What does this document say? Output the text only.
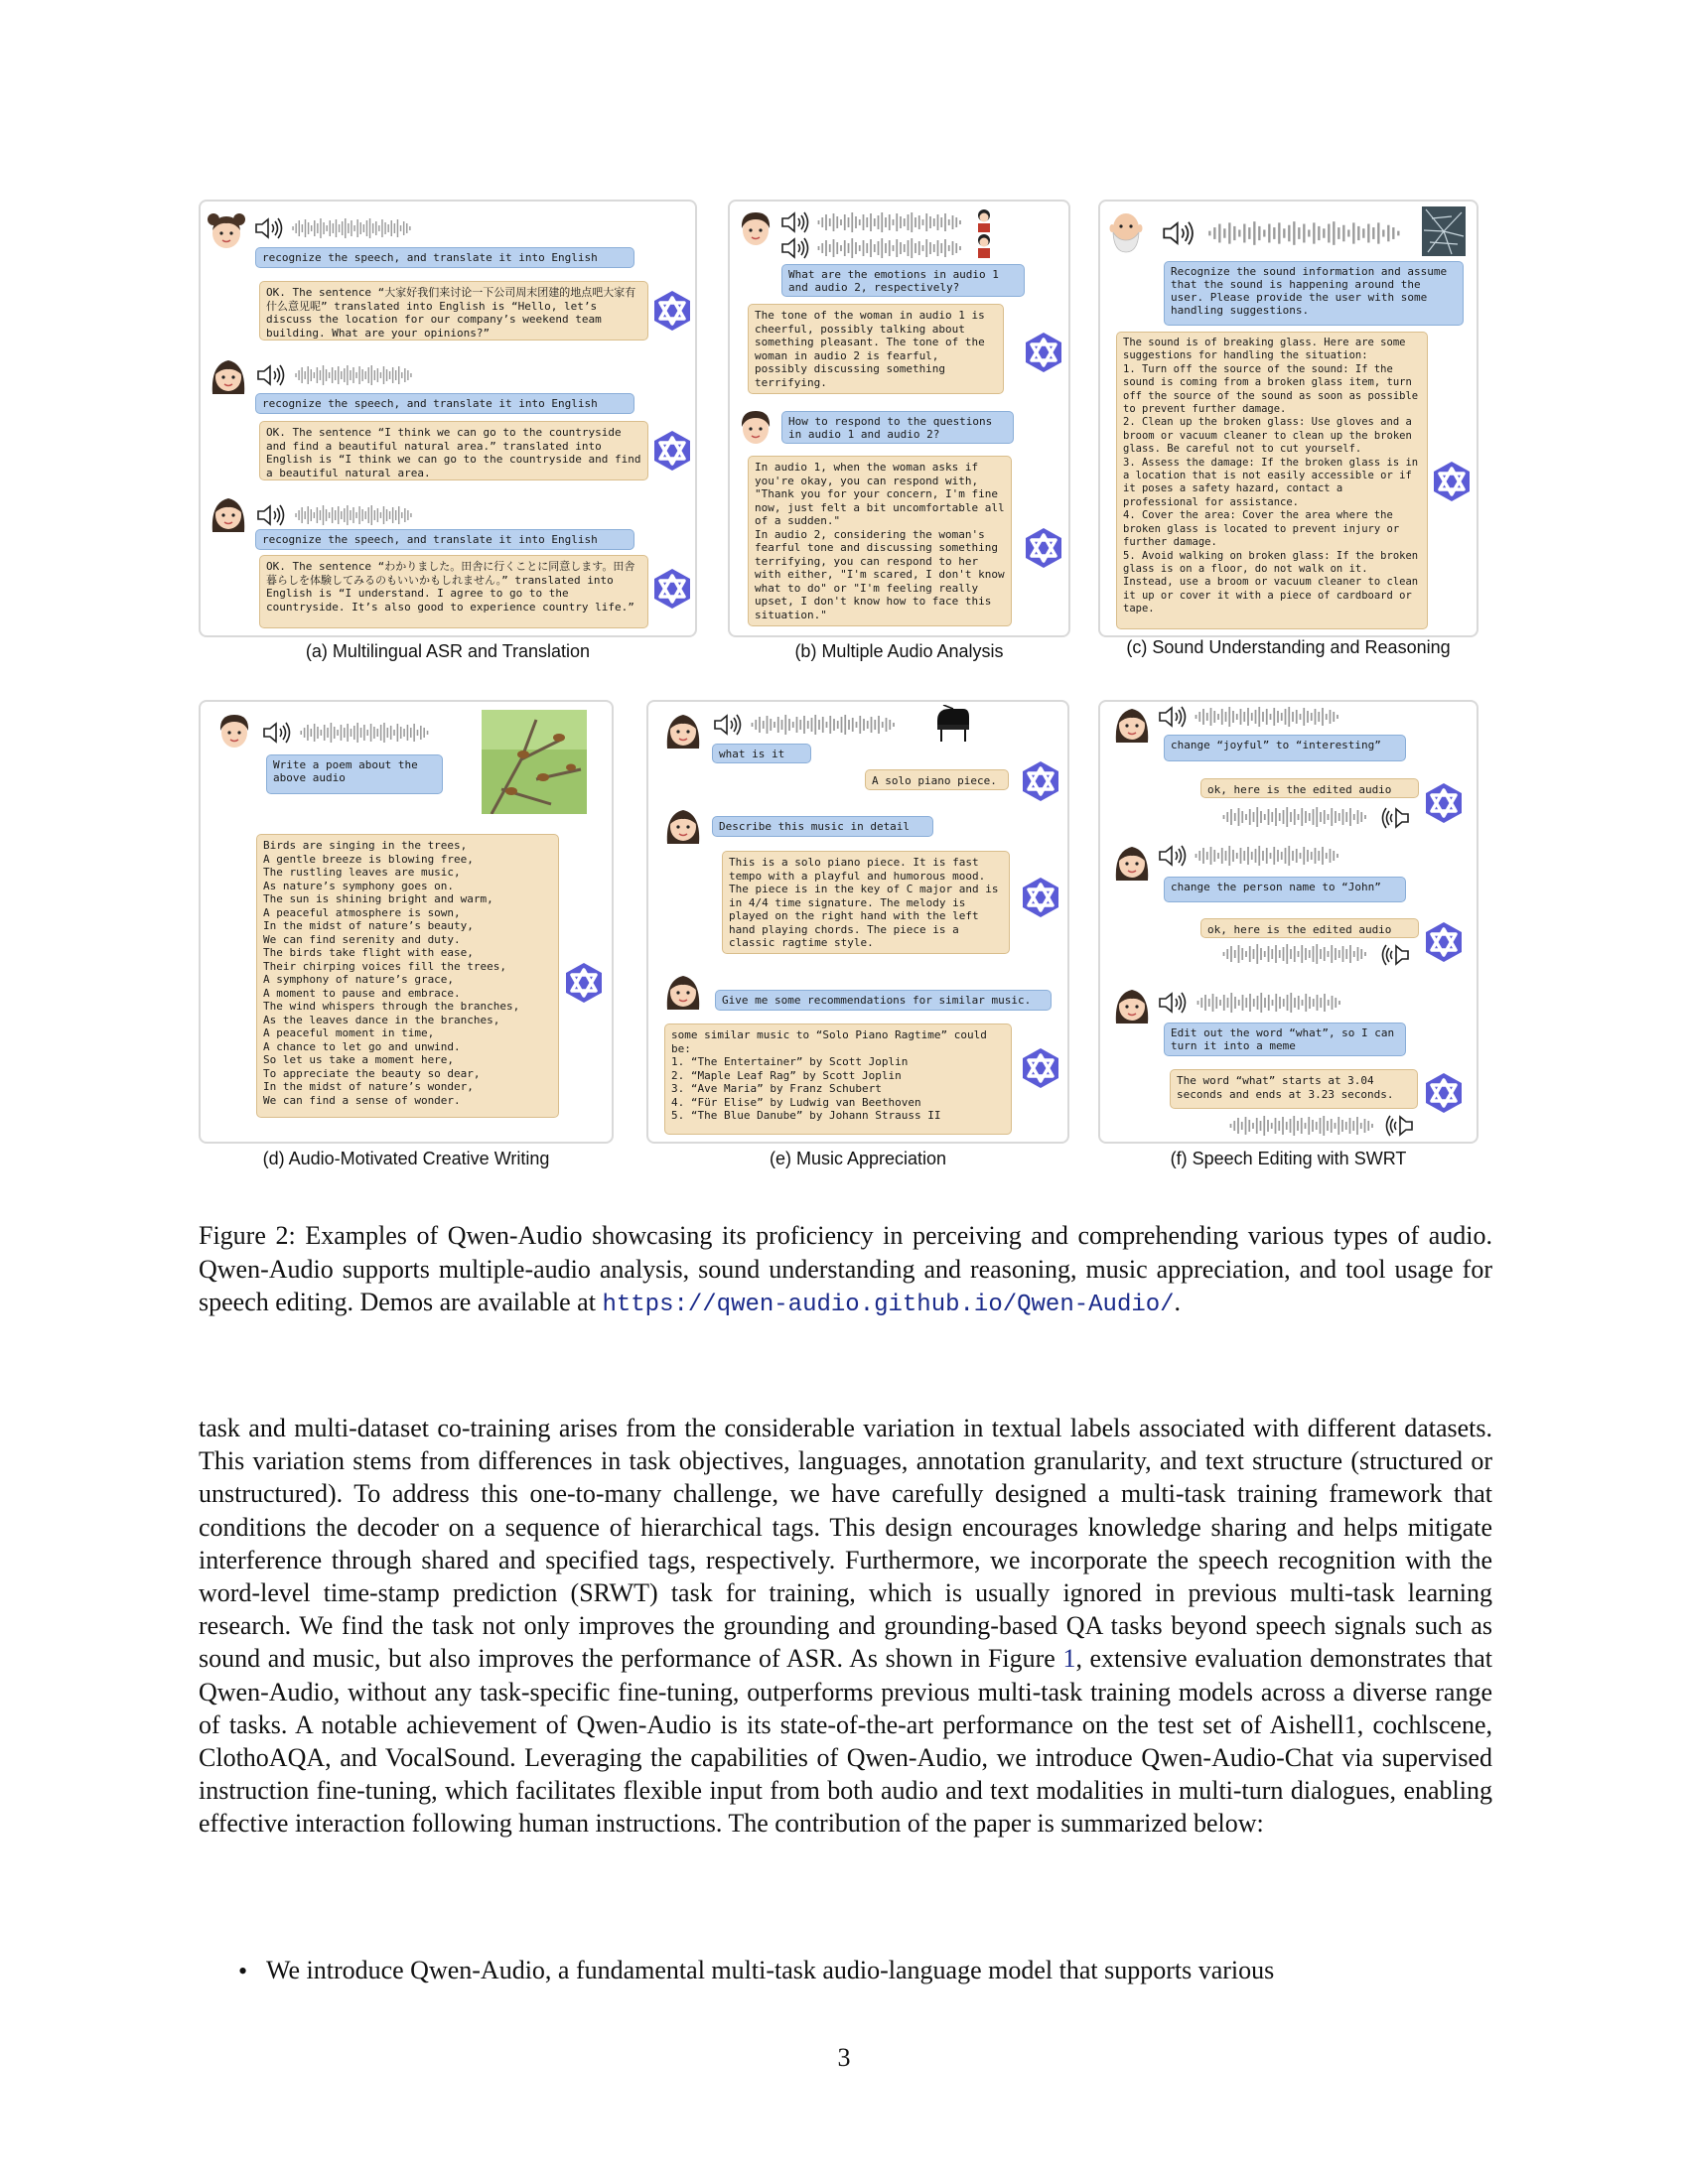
recognize the speech, and translate it into English
OK. The sentence “大家好我们来讨论一下公司周末团建的地点吧大家有什么意见呢” translated into English is “Hello, let’s discuss the location for our company’s weekend team building. What are your opinions?”
recognize the speech, and translate it into English
OK. The sentence “I think we can go to the countryside and find a beautiful natural area.” translated into English is “I think we can go to the countryside and find a beautiful natural area.
recognize the speech, and translate it into English
OK. The sentence “わかりました。田舎に行くことに同意します。田舎暮らしを体験してみるのもいいかもしれません。” translated into English is “I understand. I agree to go to the countryside. It’s also good to experience country life.”
(a) Multilingual ASR and Translation
What are the emotions in audio 1 and audio 2, respectively?
The tone of the woman in audio 1 is cheerful, possibly talking about something pleasant. The tone of the woman in audio 2 is fearful, possibly discussing something terrifying.
How to respond to the questions in audio 1 and audio 2?
In audio 1, when the woman asks if you're okay, you can respond with, "Thank you for your concern, I'm fine now, just felt a bit uncomfortable all of a sudden."
In audio 2, considering the woman's fearful tone and discussing something terrifying, you can respond to her with either, "I'm scared, I don't know what to do" or "I'm feeling really upset, I don't know how to face this situation."
(b) Multiple Audio Analysis
Recognize the sound information and assume that the sound is happening around the user. Please provide the user with some handling suggestions.
The sound is of breaking glass. Here are some suggestions for handling the situation:
1. Turn off the source of the sound: If the sound is coming from a broken glass item, turn off the source of the sound as soon as possible to prevent further damage.
2. Clean up the broken glass: Use gloves and a broom or vacuum cleaner to clean up the broken glass. Be careful not to cut yourself.
3. Assess the damage: If the broken glass is in a location that is not easily accessible or if it poses a safety hazard, contact a professional for assistance.
4. Cover the area: Cover the area where the broken glass is located to prevent injury or further damage.
5. Avoid walking on broken glass: If the broken glass is on a floor, do not walk on it. Instead, use a broom or vacuum cleaner to clean it up or cover it with a piece of cardboard or tape.
(c) Sound Understanding and Reasoning
Write a poem about the above audio
Birds are singing in the trees,
A gentle breeze is blowing free,
The rustling leaves are music,
As nature’s symphony goes on.
The sun is shining bright and warm,
A peaceful atmosphere is sown,
In the midst of nature’s beauty,
We can find serenity and duty.
The birds take flight with ease,
Their chirping voices fill the trees,
A symphony of nature’s grace,
A moment to pause and embrace.
The wind whispers through the branches,
As the leaves dance in the branches,
A peaceful moment in time,
A chance to let go and unwind.
So let us take a moment here,
To appreciate the beauty so dear,
In the midst of nature’s wonder,
We can find a sense of wonder.
(d) Audio-Motivated Creative Writing
what is it
A solo piano piece.
Describe this music in detail
This is a solo piano piece. It is fast tempo with a playful and humorous mood. The piece is in the key of C major and is in 4/4 time signature. The melody is played on the right hand with the left hand playing chords. The piece is a classic ragtime style.
Give me some recommendations for similar music.
some similar music to “Solo Piano Ragtime” could be:
1. “The Entertainer” by Scott Joplin
2. “Maple Leaf Rag” by Scott Joplin
3. “Ave Maria” by Franz Schubert
4. “Für Elise” by Ludwig van Beethoven
5. “The Blue Danube” by Johann Strauss II
(e) Music Appreciation
change “joyful” to “interesting”
ok, here is the edited audio
change the person name to “John”
ok, here is the edited audio
Edit out the word “what”, so I can turn it into a meme
The word “what” starts at 3.04 seconds and ends at 3.23 seconds.
(f) Speech Editing with SWRT

Figure 2: Examples of Qwen-Audio showcasing its proficiency in perceiving and comprehending various types of audio. Qwen-Audio supports multiple-audio analysis, sound understanding and reasoning, music appreciation, and tool usage for speech editing. Demos are available at https://qwen-audio.github.io/Qwen-Audio/.

task and multi-dataset co-training arises from the considerable variation in textual labels associated with different datasets. This variation stems from differences in task objectives, languages, annotation granularity, and text structure (structured or unstructured). To address this one-to-many challenge, we have carefully designed a multi-task training framework that conditions the decoder on a sequence of hierarchical tags. This design encourages knowledge sharing and helps mitigate interference through shared and specified tags, respectively. Furthermore, we incorporate the speech recognition with the word-level time-stamp prediction (SRWT) task for training, which is usually ignored in previous multi-task learning research. We find the task not only improves the grounding and grounding-based QA tasks beyond speech signals such as sound and music, but also improves the performance of ASR. As shown in Figure 1, extensive evaluation demonstrates that Qwen-Audio, without any task-specific fine-tuning, outperforms previous multi-task training models across a diverse range of tasks. A notable achievement of Qwen-Audio is its state-of-the-art performance on the test set of Aishell1, cochlscene, ClothoAQA, and VocalSound. Leveraging the capabilities of Qwen-Audio, we introduce Qwen-Audio-Chat via supervised instruction fine-tuning, which facilitates flexible input from both audio and text modalities in multi-turn dialogues, enabling effective interaction following human instructions. The contribution of the paper is summarized below:

• We introduce Qwen-Audio, a fundamental multi-task audio-language model that supports various
3
